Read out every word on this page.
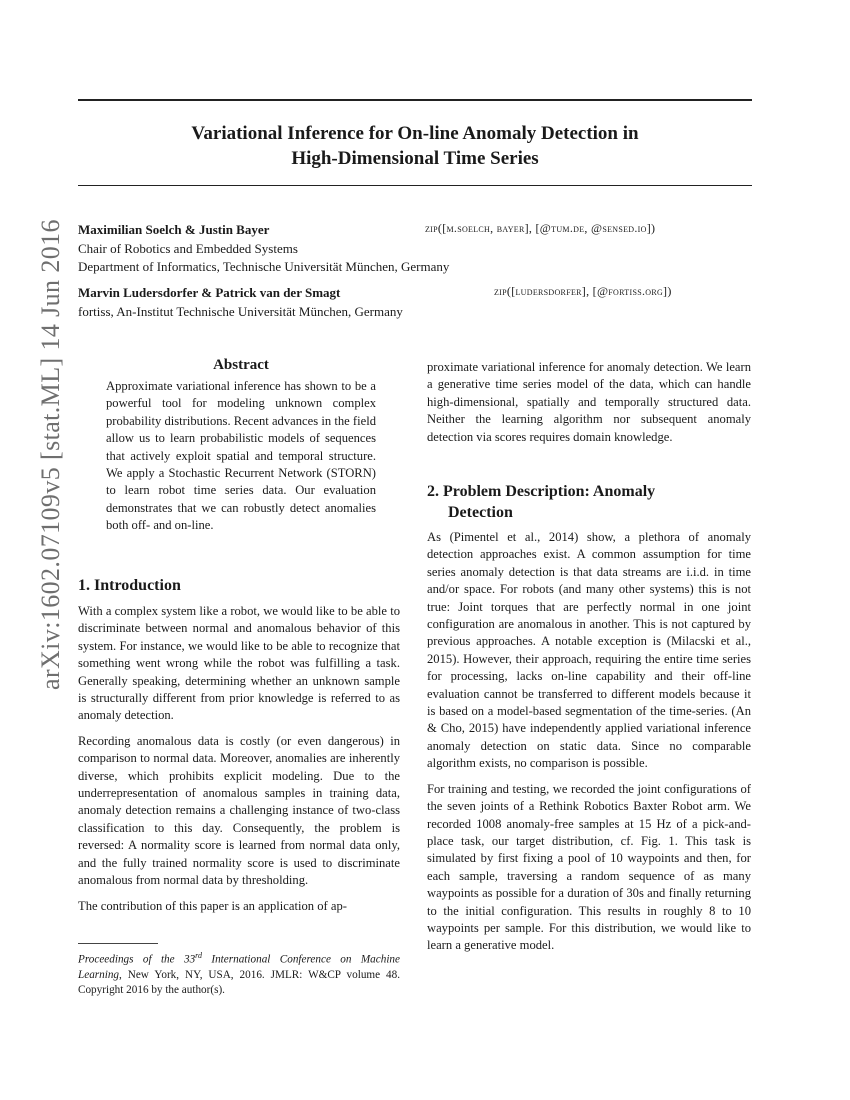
arXiv:1602.07109v5 [stat.ML] 14 Jun 2016
Variational Inference for On-line Anomaly Detection in
High-Dimensional Time Series
Maximilian Soelch & Justin Bayer	zip([m.soelch, bayer], [@tum.de, @sensed.io])
Chair of Robotics and Embedded Systems
Department of Informatics, Technische Universität München, Germany
Marvin Ludersdorfer & Patrick van der Smagt	zip([ludersdorfer], [@fortiss.org])
fortiss, An-Institut Technische Universität München, Germany
Abstract
Approximate variational inference has shown to be a powerful tool for modeling unknown complex probability distributions. Recent advances in the field allow us to learn probabilistic models of sequences that actively exploit spatial and temporal structure. We apply a Stochastic Recurrent Network (STORN) to learn robot time series data. Our evaluation demonstrates that we can robustly detect anomalies both off- and on-line.
1. Introduction

With a complex system like a robot, we would like to be able to discriminate between normal and anomalous behavior of this system. For instance, we would like to be able to recognize that something went wrong while the robot was fulfilling a task. Generally speaking, determining whether an unknown sample is structurally different from prior knowledge is referred to as anomaly detection.

Recording anomalous data is costly (or even dangerous) in comparison to normal data. Moreover, anomalies are inherently diverse, which prohibits explicit modeling. Due to the underrepresentation of anomalous samples in training data, anomaly detection remains a challenging instance of two-class classification to this day. Consequently, the problem is reversed: A normality score is learned from normal data only, and the fully trained normality score is used to discriminate anomalous from normal data by thresholding.

The contribution of this paper is an application of ap-

Proceedings of the 33rd International Conference on Machine Learning, New York, NY, USA, 2016. JMLR: W&CP volume 48. Copyright 2016 by the author(s).

proximate variational inference for anomaly detection. We learn a generative time series model of the data, which can handle high-dimensional, spatially and temporally structured data. Neither the learning algorithm nor subsequent anomaly detection via scores requires domain knowledge.

2. Problem Description: Anomaly
Detection

As (Pimentel et al., 2014) show, a plethora of anomaly detection approaches exist. A common assumption for time series anomaly detection is that data streams are i.i.d. in time and/or space. For robots (and many other systems) this is not true: Joint torques that are perfectly normal in one joint configuration are anomalous in another. This is not captured by previous approaches. A notable exception is (Milacski et al., 2015). However, their approach, requiring the entire time series for processing, lacks on-line capability and their off-line evaluation cannot be transferred to different models because it is based on a model-based segmentation of the time-series. (An & Cho, 2015) have independently applied variational inference anomaly detection on static data. Since no comparable algorithm exists, no comparison is possible.

For training and testing, we recorded the joint configurations of the seven joints of a Rethink Robotics Baxter Robot arm. We recorded 1008 anomaly-free samples at 15 Hz of a pick-and-place task, our target distribution, cf. Fig. 1. This task is simulated by first fixing a pool of 10 waypoints and then, for each sample, traversing a random sequence of as many waypoints as possible for a duration of 30s and finally returning to the initial configuration. This results in roughly 8 to 10 waypoints per sample. For this distribution, we would like to learn a generative model.
